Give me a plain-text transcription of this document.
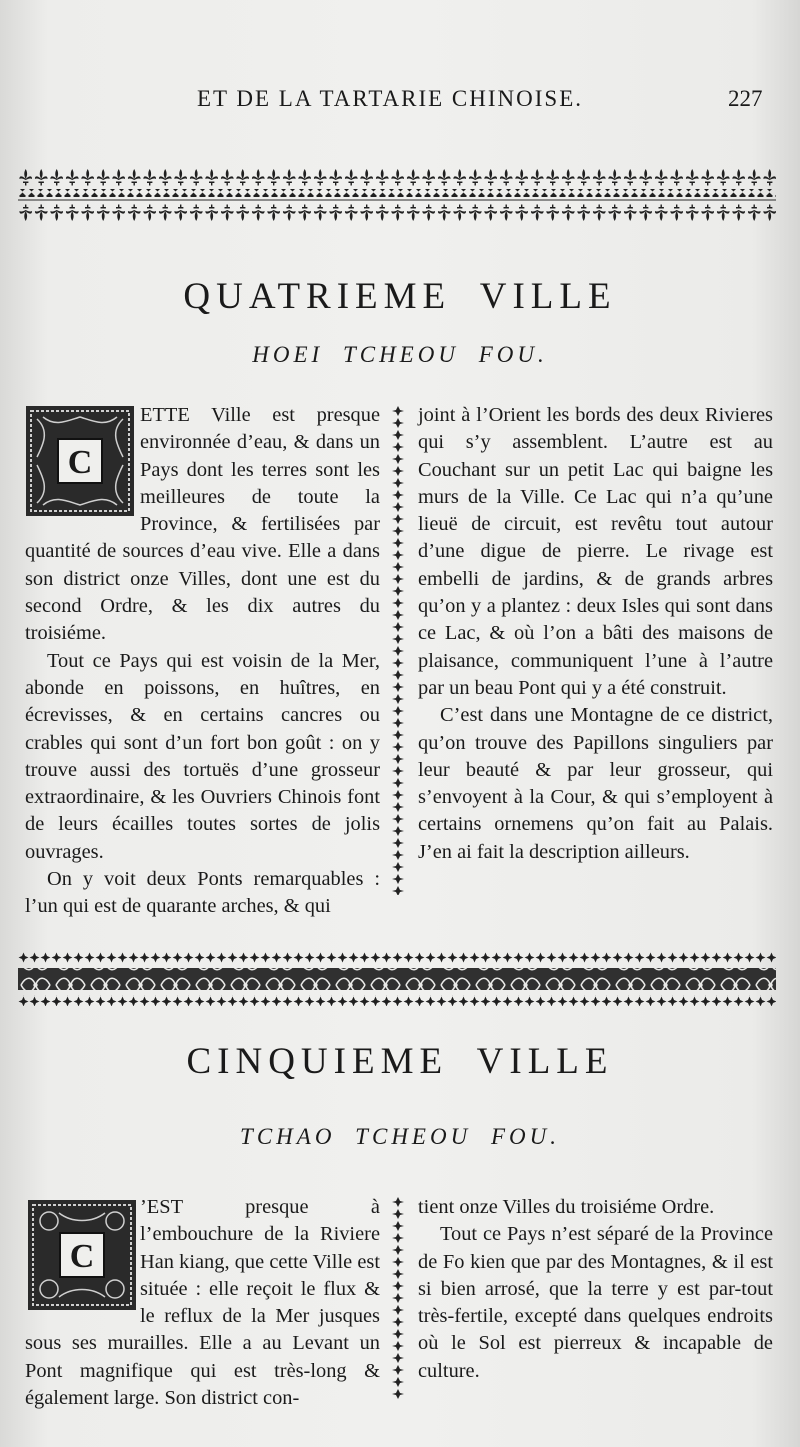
ET DE LA TARTARIE CHINOISE.	227
QUATRIEME VILLE
HOEI TCHEOU FOU.

ETTE Ville est presque environnée d’eau, & dans un Pays dont les terres sont les meilleures de toute la Province, & fertilisées par quantité de sources d’eau vive. Elle a dans son district onze Villes, dont une est du second Ordre, & les dix autres du troisiéme.

Tout ce Pays qui est voisin de la Mer, abonde en poissons, en huîtres, en écrevisses, & en certains cancres ou crables qui sont d’un fort bon goût : on y trouve aussi des tortuës d’une grosseur extraordinaire, & les Ouvriers Chinois font de leurs écailles toutes sortes de jolis ouvrages.

On y voit deux Ponts remarquables : l’un qui est de quarante arches, & qui

C

joint à l’Orient les bords des deux Rivieres qui s’y assemblent. L’autre est au Couchant sur un petit Lac qui baigne les murs de la Ville. Ce Lac qui n’a qu’une lieuë de circuit, est revêtu tout autour d’une digue de pierre. Le rivage est embelli de jardins, & de grands arbres qu’on y a plantez : deux Isles qui sont dans ce Lac, & où l’on a bâti des maisons de plaisance, communiquent l’une à l’autre par un beau Pont qui y a été construit.

C’est dans une Montagne de ce district, qu’on trouve des Papillons singuliers par leur beauté & par leur grosseur, qui s’envoyent à la Cour, & qui s’employent à certains ornemens qu’on fait au Palais. J’en ai fait la description ailleurs.

CINQUIEME VILLE
TCHAO TCHEOU FOU.

’EST presque à l’embouchure de la Riviere Han kiang, que cette Ville est située : elle reçoit le flux & le reflux de la Mer jusques sous ses murailles. Elle a au Levant un Pont magnifique qui est très-long & également large. Son district con-

C

tient onze Villes du troisiéme Ordre.

Tout ce Pays n’est séparé de la Province de Fo kien que par des Montagnes, & il est si bien arrosé, que la terre y est par-tout très-fertile, excepté dans quelques endroits où le Sol est pierreux & incapable de culture.
